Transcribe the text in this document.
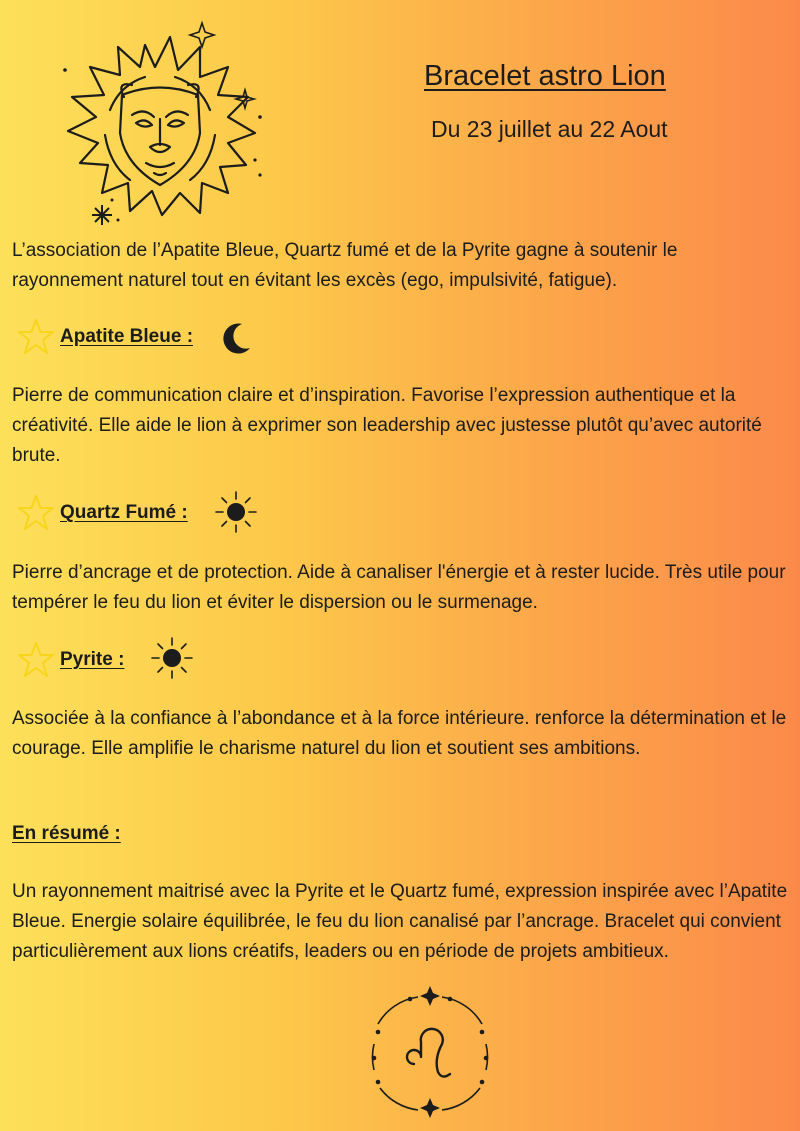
Bracelet astro Lion
Du 23 juillet au 22 Aout

L’association de l’Apatite Bleue, Quartz fumé et de la Pyrite gagne à soutenir le rayonnement naturel tout en évitant les excès (ego, impulsivité, fatigue).

Apatite Bleue :

Pierre de communication claire et d’inspiration. Favorise l’expression authentique et la créativité. Elle aide le lion à exprimer son leadership avec justesse plutôt qu’avec autorité brute.

Quartz Fumé :

Pierre d’ancrage et de protection. Aide à canaliser l'énergie et à rester lucide. Très utile pour tempérer le feu du lion et éviter le dispersion ou le surmenage.

Pyrite :

Associée à la confiance à l’abondance et à la force intérieure. renforce la détermination et le courage. Elle amplifie le charisme naturel du lion et soutient ses ambitions.

En résumé :

Un rayonnement maitrisé avec la Pyrite et le Quartz fumé, expression inspirée avec l’Apatite Bleue. Energie solaire équilibrée, le feu du lion canalisé par l’ancrage. Bracelet qui convient particulièrement aux lions créatifs, leaders ou en période de projets ambitieux.
